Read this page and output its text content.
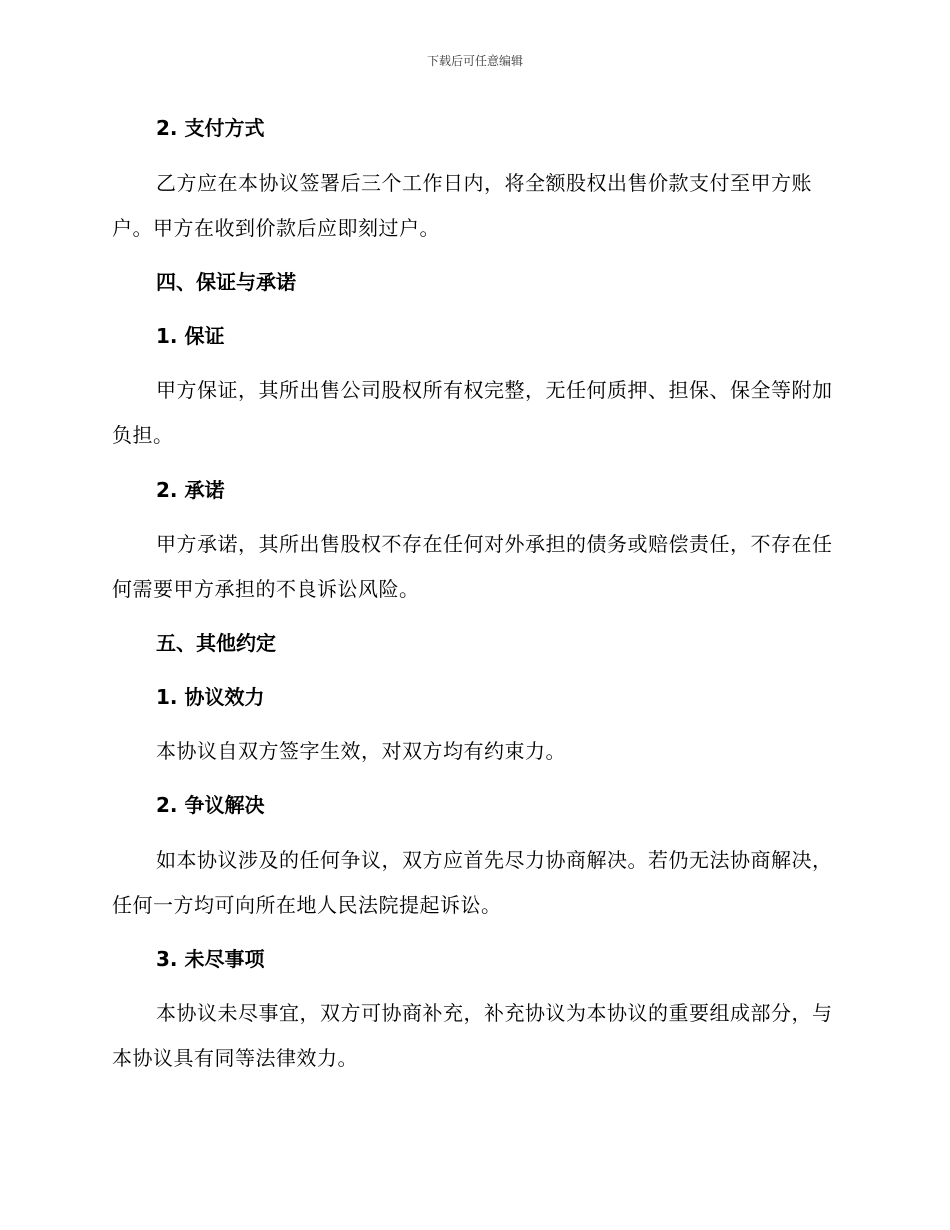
下载后可任意编辑
2. 支付方式
乙方应在本协议签署后三个工作日内，将全额股权出售价款支付至甲方账户。甲方在收到价款后应即刻过户。
四、保证与承诺
1. 保证
甲方保证，其所出售公司股权所有权完整，无任何质押、担保、保全等附加负担。
2. 承诺
甲方承诺，其所出售股权不存在任何对外承担的债务或赔偿责任，不存在任何需要甲方承担的不良诉讼风险。
五、其他约定
1. 协议效力
本协议自双方签字生效，对双方均有约束力。
2. 争议解决
如本协议涉及的任何争议，双方应首先尽力协商解决。若仍无法协商解决，任何一方均可向所在地人民法院提起诉讼。
3. 未尽事项
本协议未尽事宜，双方可协商补充，补充协议为本协议的重要组成部分，与本协议具有同等法律效力。
